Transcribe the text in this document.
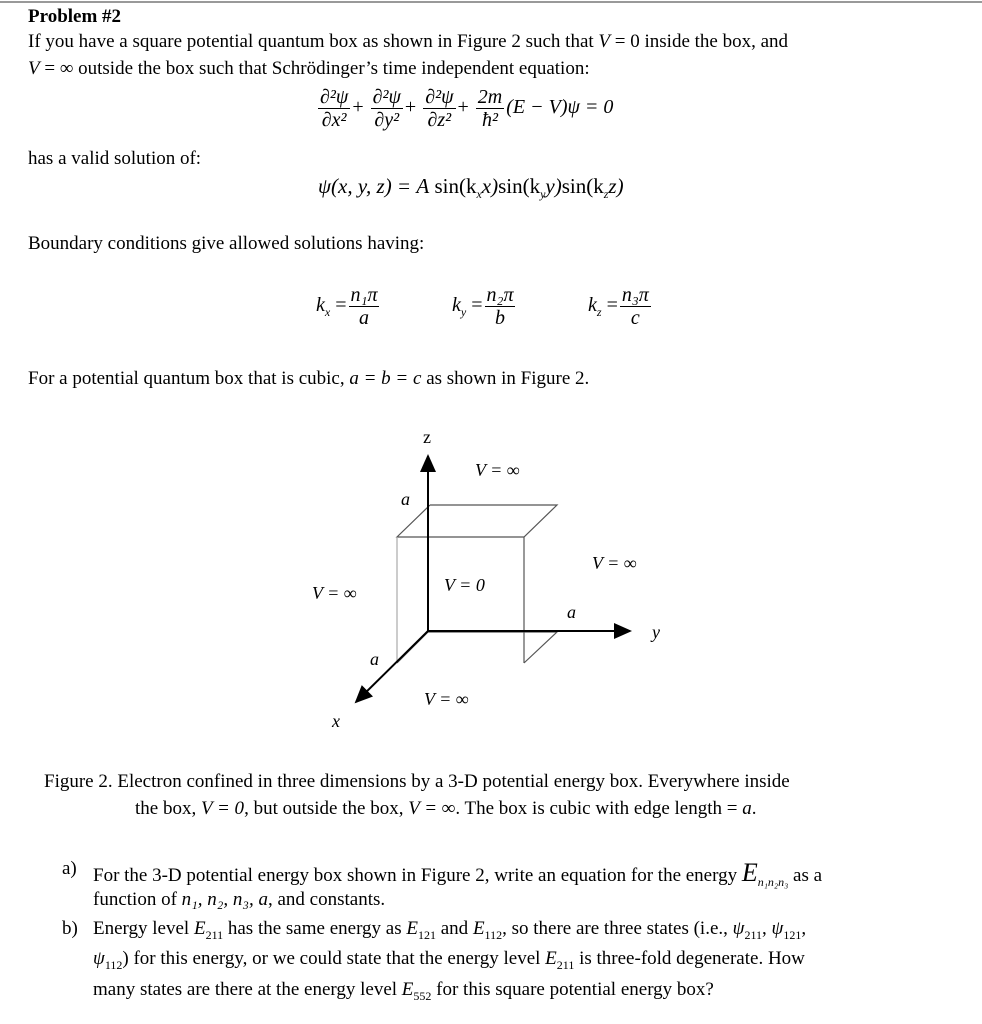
Problem #2
If you have a square potential quantum box as shown in Figure 2 such that V = 0 inside the box, and
V = ∞ outside the box such that Schrödinger’s time independent equation:
$\frac{\text{∂²ψ}}{\text{∂x²}} + \frac{\text{∂²ψ}}{\text{∂y²}} + \frac{\text{∂²ψ}}{\text{∂z²}} + \frac{2m}{\text{ħ²}} (E - V)\psi = 0$
has a valid solution of:
ψ(x, y, z) = A $\sin(k_xx)\sin(k_yy)\sin(k_zz)$
Boundary conditions give allowed solutions having:
$k_x = \frac{\text{n₁π}}{a}$	$k_y = \frac{\text{n₂π}}{b}$	$k_z = \frac{\text{n₃π}}{c}$
For a potential quantum box that is cubic, a = b = c as shown in Figure 2.
z
y
x
a
a
a
V = ∞
V = ∞
V = ∞
V = ∞
V = 0
Figure 2. Electron confined in three dimensions by a 3-D potential energy box. Everywhere inside
the box, V = 0, but outside the box, V = ∞. The box is cubic with edge length = a.
a) For the 3-D potential energy box shown in Figure 2, write an equation for the energy $E_{n_1n_2n_3}$ as a
function of n₁, n₂, n₃, a, and constants.
b) Energy level $E_{211}$ has the same energy as $E_{121}$ and $E_{112}$, so there are three states (i.e., $\psi_{211}$, $\psi_{121}$,
$\psi_{112}$) for this energy, or we could state that the energy level $E_{211}$ is three-fold degenerate. How
many states are there at the energy level $E_{552}$ for this square potential energy box?
